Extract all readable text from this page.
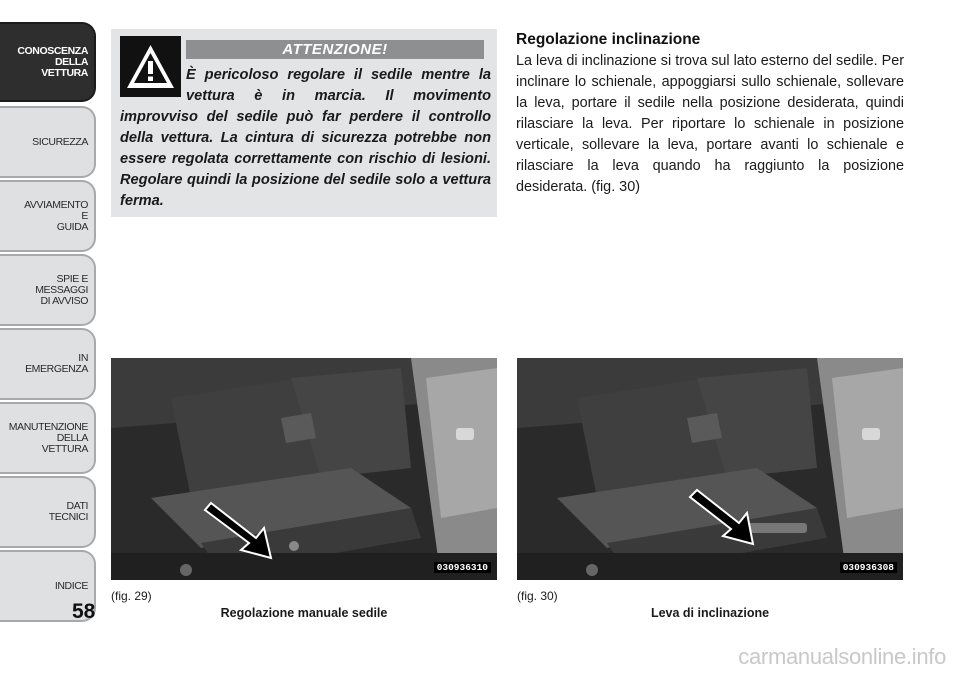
CONOSCENZA
DELLA
VETTURA
SICUREZZA
AVVIAMENTO
E
GUIDA
SPIE E
MESSAGGI
DI AVVISO
IN
EMERGENZA
MANUTENZIONE
DELLA
VETTURA
DATI
TECNICI
INDICE
58
ATTENZIONE!

È pericoloso regolare il sedile mentre la vettura è in marcia. Il movimento improvviso del sedile può far perdere il controllo della vettura. La cintura di sicurezza potrebbe non essere regolata correttamente con rischio di lesioni. Regolare quindi la posizione del sedile solo a vettura ferma.

Regolazione inclinazione

La leva di inclinazione si trova sul lato esterno del sedile. Per inclinare lo schienale, appoggiarsi sullo schienale, sollevare la leva, portare il sedile nella posizione desiderata, quindi rilasciare la leva. Per riportare lo schienale in posizione verticale, sollevare la leva, portare avanti lo schienale e rilasciare la leva quando ha raggiunto la posizione desiderata. (fig. 30)

030936310
(fig. 29)
Regolazione manuale sedile
030936308
(fig. 30)
Leva di inclinazione
carmanualsonline.info
